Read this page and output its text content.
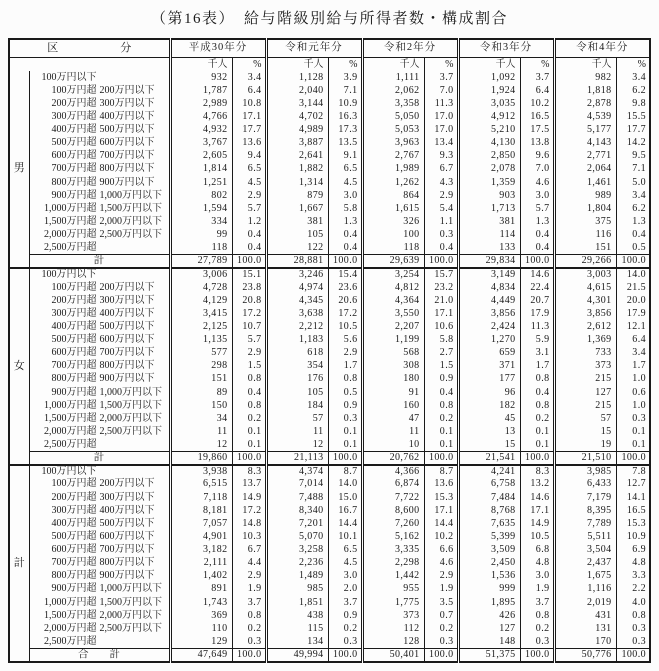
（第16表）　給与階級別給与所得者数・構成割合
区 分		平成30年分		令和元年分		令和2年分		令和3年分		令和4年分	
		千人	%	千人	%	千人	%	千人	%	千人	%
男	100万円以下	932	3.4	1,128	3.9	1,111	3.7	1,092	3.7	982	3.4
	100万円超 200万円以下	1,787	6.4	2,040	7.1	2,062	7.0	1,924	6.4	1,818	6.2
	200万円超 300万円以下	2,989	10.8	3,144	10.9	3,358	11.3	3,035	10.2	2,878	9.8
	300万円超 400万円以下	4,766	17.1	4,702	16.3	5,050	17.0	4,912	16.5	4,539	15.5
	400万円超 500万円以下	4,932	17.7	4,989	17.3	5,053	17.0	5,210	17.5	5,177	17.7
	500万円超 600万円以下	3,767	13.6	3,887	13.5	3,963	13.4	4,130	13.8	4,143	14.2
	600万円超 700万円以下	2,605	9.4	2,641	9.1	2,767	9.3	2,850	9.6	2,771	9.5
	700万円超 800万円以下	1,814	6.5	1,882	6.5	1,989	6.7	2,078	7.0	2,064	7.1
	800万円超 900万円以下	1,251	4.5	1,314	4.5	1,262	4.3	1,359	4.6	1,461	5.0
	900万円超 1,000万円以下	802	2.9	879	3.0	864	2.9	903	3.0	989	3.4
	1,000万円超 1,500万円以下	1,594	5.7	1,667	5.8	1,615	5.4	1,713	5.7	1,804	6.2
	1,500万円超 2,000万円以下	334	1.2	381	1.3	326	1.1	381	1.3	375	1.3
	2,000万円超 2,500万円以下	99	0.4	105	0.4	100	0.3	114	0.4	116	0.4
	2,500万円超	118	0.4	122	0.4	118	0.4	133	0.4	151	0.5
	計	27,789	100.0	28,881	100.0	29,639	100.0	29,834	100.0	29,266	100.0
女	100万円以下	3,006	15.1	3,246	15.4	3,254	15.7	3,149	14.6	3,003	14.0
	100万円超 200万円以下	4,728	23.8	4,974	23.6	4,812	23.2	4,834	22.4	4,615	21.5
	200万円超 300万円以下	4,129	20.8	4,345	20.6	4,364	21.0	4,449	20.7	4,301	20.0
	300万円超 400万円以下	3,415	17.2	3,638	17.2	3,550	17.1	3,856	17.9	3,856	17.9
	400万円超 500万円以下	2,125	10.7	2,212	10.5	2,207	10.6	2,424	11.3	2,612	12.1
	500万円超 600万円以下	1,135	5.7	1,183	5.6	1,199	5.8	1,270	5.9	1,369	6.4
	600万円超 700万円以下	577	2.9	618	2.9	568	2.7	659	3.1	733	3.4
	700万円超 800万円以下	298	1.5	354	1.7	308	1.5	371	1.7	373	1.7
	800万円超 900万円以下	151	0.8	176	0.8	180	0.9	177	0.8	215	1.0
	900万円超 1,000万円以下	89	0.4	105	0.5	91	0.4	96	0.4	127	0.6
	1,000万円超 1,500万円以下	150	0.8	184	0.9	160	0.8	182	0.8	215	1.0
	1,500万円超 2,000万円以下	34	0.2	57	0.3	47	0.2	45	0.2	57	0.3
	2,000万円超 2,500万円以下	11	0.1	11	0.1	11	0.1	13	0.1	15	0.1
	2,500万円超	12	0.1	12	0.1	10	0.1	15	0.1	19	0.1
	計	19,860	100.0	21,113	100.0	20,762	100.0	21,541	100.0	21,510	100.0
計	100万円以下	3,938	8.3	4,374	8.7	4,366	8.7	4,241	8.3	3,985	7.8
	100万円超 200万円以下	6,515	13.7	7,014	14.0	6,874	13.6	6,758	13.2	6,433	12.7
	200万円超 300万円以下	7,118	14.9	7,488	15.0	7,722	15.3	7,484	14.6	7,179	14.1
	300万円超 400万円以下	8,181	17.2	8,340	16.7	8,600	17.1	8,768	17.1	8,395	16.5
	400万円超 500万円以下	7,057	14.8	7,201	14.4	7,260	14.4	7,635	14.9	7,789	15.3
	500万円超 600万円以下	4,901	10.3	5,070	10.1	5,162	10.2	5,399	10.5	5,511	10.9
	600万円超 700万円以下	3,182	6.7	3,258	6.5	3,335	6.6	3,509	6.8	3,504	6.9
	700万円超 800万円以下	2,111	4.4	2,236	4.5	2,298	4.6	2,450	4.8	2,437	4.8
	800万円超 900万円以下	1,402	2.9	1,489	3.0	1,442	2.9	1,536	3.0	1,675	3.3
	900万円超 1,000万円以下	891	1.9	985	2.0	955	1.9	999	1.9	1,116	2.2
	1,000万円超 1,500万円以下	1,743	3.7	1,851	3.7	1,775	3.5	1,895	3.7	2,019	4.0
	1,500万円超 2,000万円以下	369	0.8	438	0.9	373	0.7	426	0.8	431	0.8
	2,000万円超 2,500万円以下	110	0.2	115	0.2	112	0.2	127	0.2	131	0.3
	2,500万円超	129	0.3	134	0.3	128	0.3	148	0.3	170	0.3
	合　　計	47,649	100.0	49,994	100.0	50,401	100.0	51,375	100.0	50,776	100.0
